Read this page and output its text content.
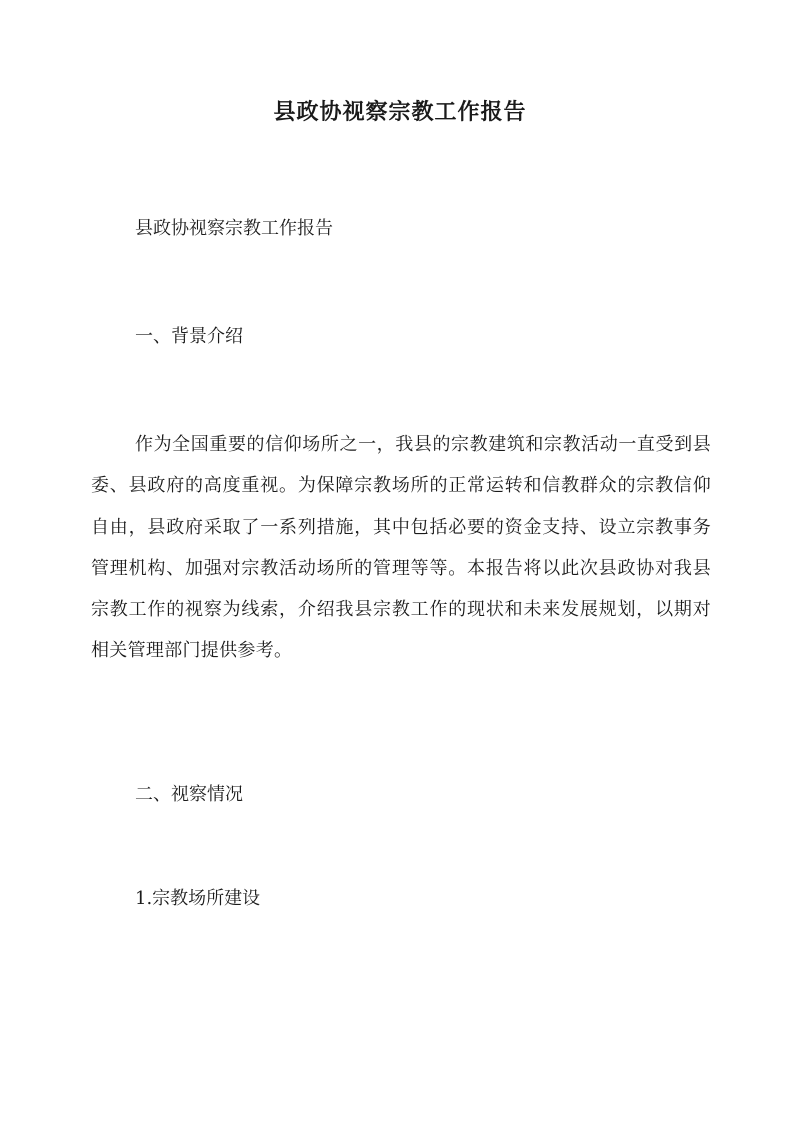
县政协视察宗教工作报告
县政协视察宗教工作报告
一、背景介绍
作为全国重要的信仰场所之一，我县的宗教建筑和宗教活动一直受到县委、县政府的高度重视。为保障宗教场所的正常运转和信教群众的宗教信仰自由，县政府采取了一系列措施，其中包括必要的资金支持、设立宗教事务管理机构、加强对宗教活动场所的管理等等。本报告将以此次县政协对我县宗教工作的视察为线索，介绍我县宗教工作的现状和未来发展规划，以期对相关管理部门提供参考。
二、视察情况
1.宗教场所建设
